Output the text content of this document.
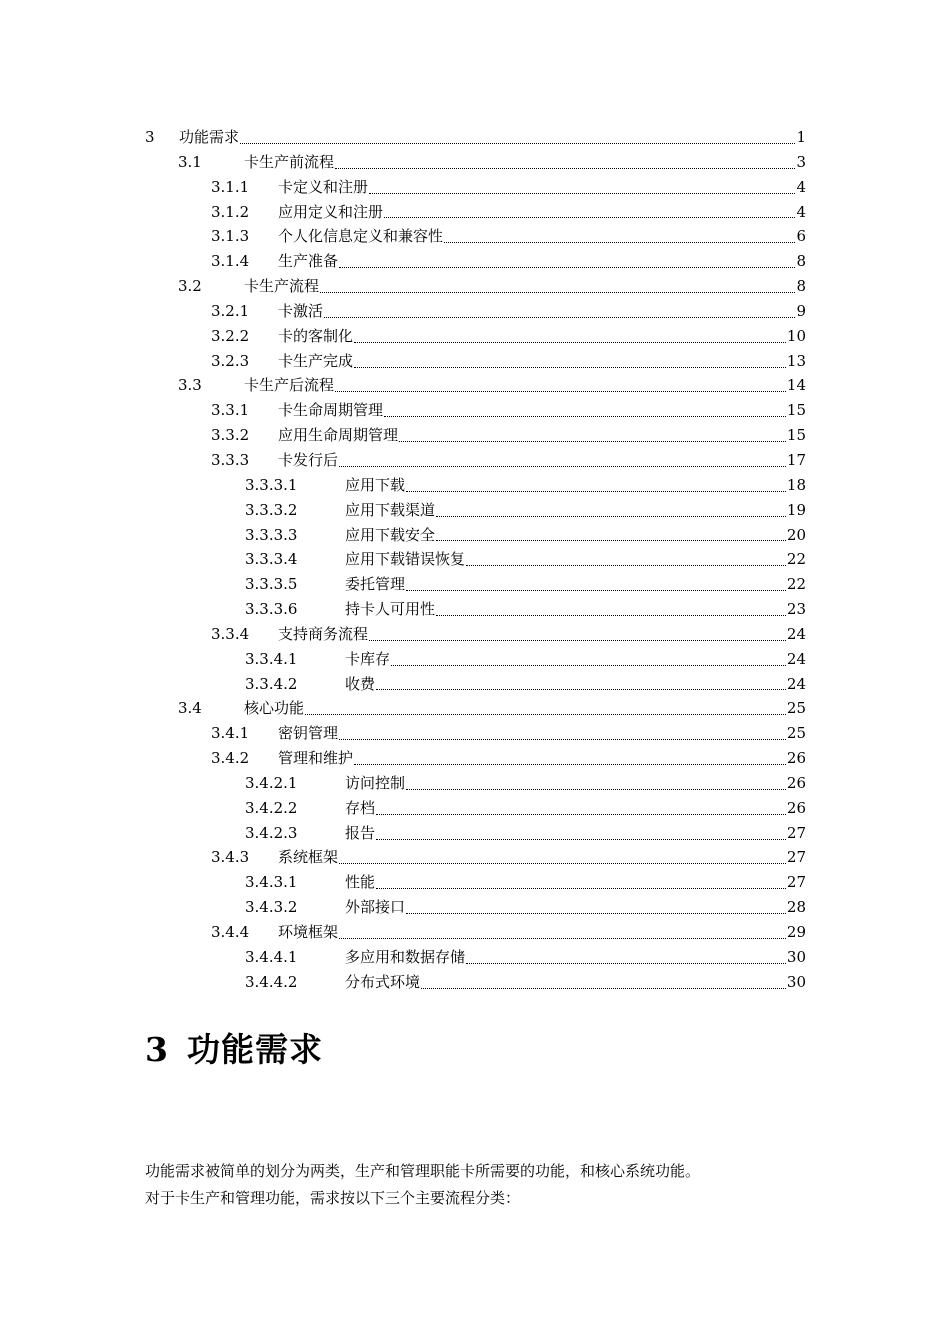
3	功能需求	1
3.1	卡生产前流程	3
3.1.1	卡定义和注册	4
3.1.2	应用定义和注册	4
3.1.3	个人化信息定义和兼容性	6
3.1.4	生产准备	8
3.2	卡生产流程	8
3.2.1	卡激活	9
3.2.2	卡的客制化	10
3.2.3	卡生产完成	13
3.3	卡生产后流程	14
3.3.1	卡生命周期管理	15
3.3.2	应用生命周期管理	15
3.3.3	卡发行后	17
3.3.3.1	应用下载	18
3.3.3.2	应用下载渠道	19
3.3.3.3	应用下载安全	20
3.3.3.4	应用下载错误恢复	22
3.3.3.5	委托管理	22
3.3.3.6	持卡人可用性	23
3.3.4	支持商务流程	24
3.3.4.1	卡库存	24
3.3.4.2	收费	24
3.4	核心功能	25
3.4.1	密钥管理	25
3.4.2	管理和维护	26
3.4.2.1	访问控制	26
3.4.2.2	存档	26
3.4.2.3	报告	27
3.4.3	系统框架	27
3.4.3.1	性能	27
3.4.3.2	外部接口	28
3.4.4	环境框架	29
3.4.4.1	多应用和数据存储	30
3.4.4.2	分布式环境	30
3 功能需求
功能需求被简单的划分为两类，生产和管理职能卡所需要的功能，和核心系统功能。
对于卡生产和管理功能，需求按以下三个主要流程分类：
